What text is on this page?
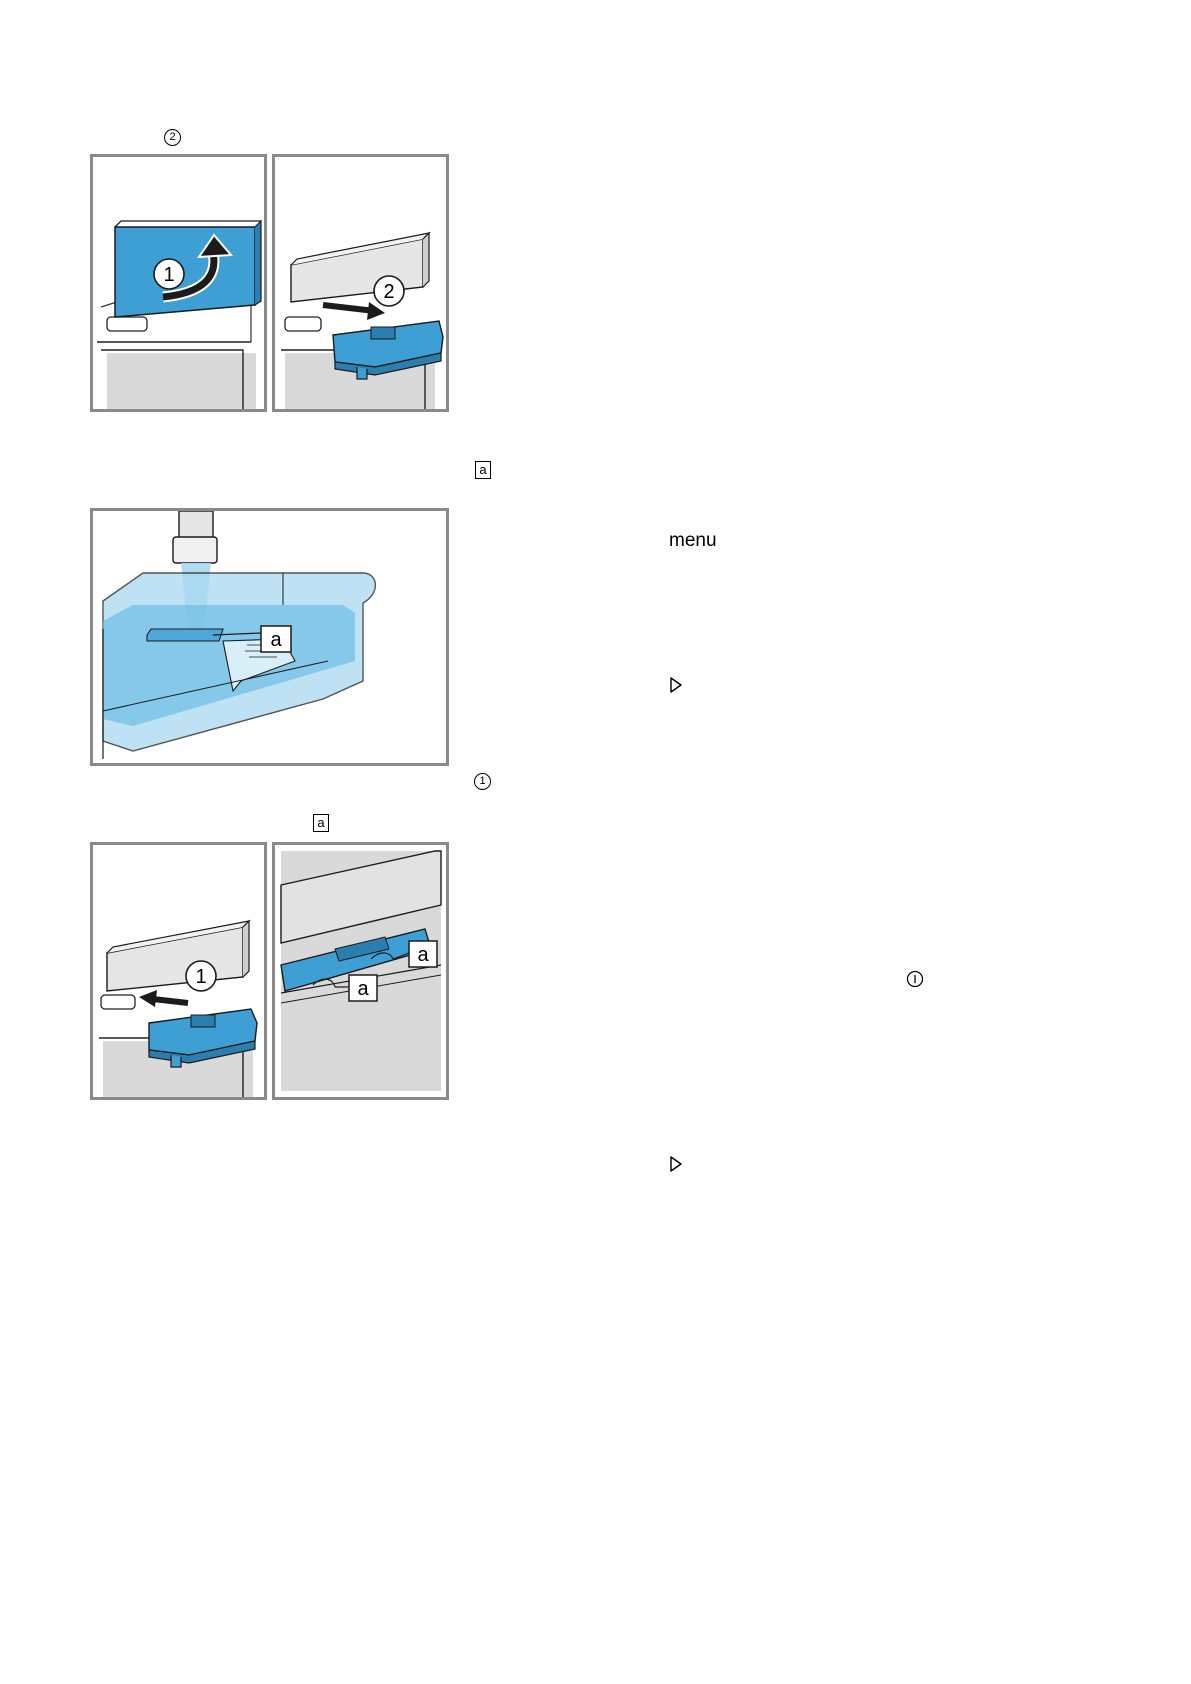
2
1
2
a
a
1
a
1
a
a
menu
